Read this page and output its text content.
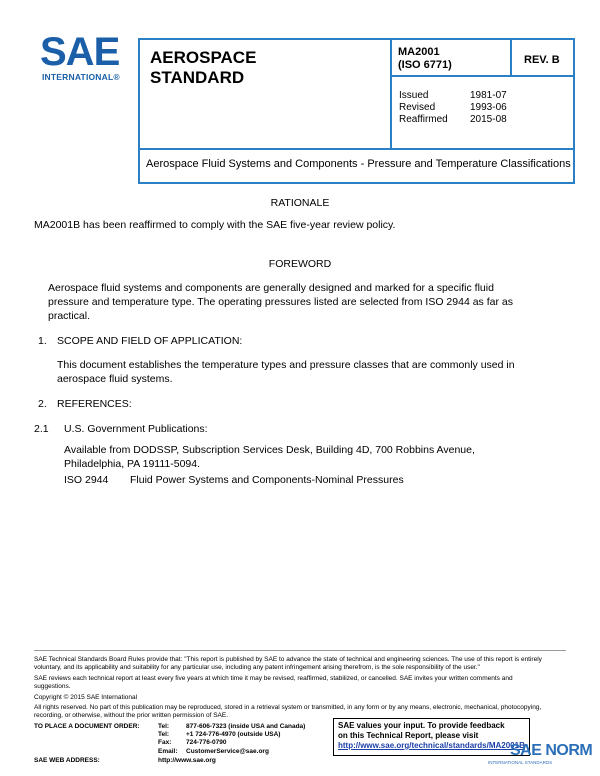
SAE
INTERNATIONAL®
AEROSPACE
STANDARD
MA2001
(ISO 6771)	REV. B
Issued	1981-07
Revised	1993-06
Reaffirmed	2015-08
Aerospace Fluid Systems and Components - Pressure and Temperature Classifications
RATIONALE
MA2001B has been reaffirmed to comply with the SAE five-year review policy.
FOREWORD
Aerospace fluid systems and components are generally designed and marked for a specific fluid
pressure and temperature type. The operating pressures listed are selected from ISO 2944 as far as
practical.
1. SCOPE AND FIELD OF APPLICATION:
This document establishes the temperature types and pressure classes that are commonly used in
aerospace fluid systems.
2. REFERENCES:
2.1 U.S. Government Publications:
Available from DODSSP, Subscription Services Desk, Building 4D, 700 Robbins Avenue,
Philadelphia, PA 19111-5094.
ISO 2944 Fluid Power Systems and Components-Nominal Pressures
SAE Technical Standards Board Rules provide that: "This report is published by SAE to advance the state of technical and engineering sciences. The use of this report is entirely
voluntary, and its applicability and suitability for any particular use, including any patent infringement arising therefrom, is the sole responsibility of the user."
SAE reviews each technical report at least every five years at which time it may be revised, reaffirmed, stabilized, or cancelled. SAE invites your written comments and
suggestions.
Copyright © 2015 SAE International
All rights reserved. No part of this publication may be reproduced, stored in a retrieval system or transmitted, in any form or by any means, electronic, mechanical, photocopying,
recording, or otherwise, without the prior written permission of SAE.
TO PLACE A DOCUMENT ORDER:	Tel:	877-606-7323 (inside USA and Canada)
Tel:	+1 724-776-4970 (outside USA)
Fax:	724-776-0790
Email:	CustomerService@sae.org
SAE WEB ADDRESS:	http://www.sae.org
SAE values your input. To provide feedback
on this Technical Report, please visit
http://www.sae.org/technical/standards/MA2001B
SAE NORM
INTERNATIONAL STANDARDS
